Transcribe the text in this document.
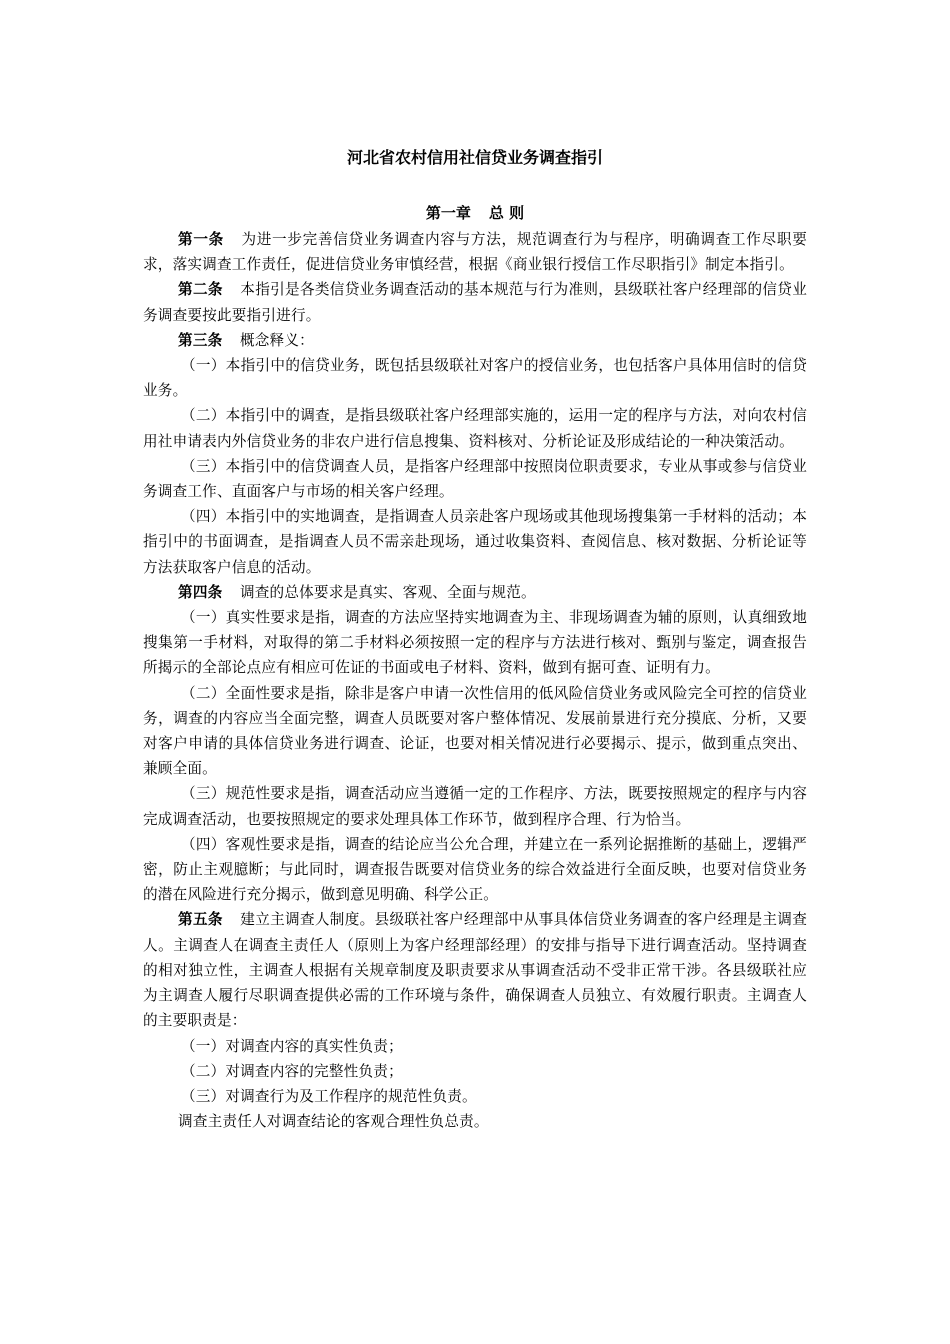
河北省农村信用社信贷业务调查指引
第一章 总 则

第一条 为进一步完善信贷业务调查内容与方法，规范调查行为与程序，明确调查工作尽职要求，落实调查工作责任，促进信贷业务审慎经营，根据《商业银行授信工作尽职指引》制定本指引。

第二条 本指引是各类信贷业务调查活动的基本规范与行为准则，县级联社客户经理部的信贷业务调查要按此要指引进行。

第三条 概念释义：

（一）本指引中的信贷业务，既包括县级联社对客户的授信业务，也包括客户具体用信时的信贷业务。

（二）本指引中的调查，是指县级联社客户经理部实施的，运用一定的程序与方法，对向农村信用社申请表内外信贷业务的非农户进行信息搜集、资料核对、分析论证及形成结论的一种决策活动。

（三）本指引中的信贷调查人员，是指客户经理部中按照岗位职责要求，专业从事或参与信贷业务调查工作、直面客户与市场的相关客户经理。

（四）本指引中的实地调查，是指调查人员亲赴客户现场或其他现场搜集第一手材料的活动；本指引中的书面调查，是指调查人员不需亲赴现场，通过收集资料、查阅信息、核对数据、分析论证等方法获取客户信息的活动。

第四条 调查的总体要求是真实、客观、全面与规范。

（一）真实性要求是指，调查的方法应坚持实地调查为主、非现场调查为辅的原则，认真细致地搜集第一手材料，对取得的第二手材料必须按照一定的程序与方法进行核对、甄别与鉴定，调查报告所揭示的全部论点应有相应可佐证的书面或电子材料、资料，做到有据可查、证明有力。

（二）全面性要求是指，除非是客户申请一次性信用的低风险信贷业务或风险完全可控的信贷业务，调查的内容应当全面完整，调查人员既要对客户整体情况、发展前景进行充分摸底、分析，又要对客户申请的具体信贷业务进行调查、论证，也要对相关情况进行必要揭示、提示，做到重点突出、兼顾全面。

（三）规范性要求是指，调查活动应当遵循一定的工作程序、方法，既要按照规定的程序与内容完成调查活动，也要按照规定的要求处理具体工作环节，做到程序合理、行为恰当。

（四）客观性要求是指，调查的结论应当公允合理，并建立在一系列论据推断的基础上，逻辑严密，防止主观臆断；与此同时，调查报告既要对信贷业务的综合效益进行全面反映，也要对信贷业务的潜在风险进行充分揭示，做到意见明确、科学公正。

第五条 建立主调查人制度。县级联社客户经理部中从事具体信贷业务调查的客户经理是主调查人。主调查人在调查主责任人（原则上为客户经理部经理）的安排与指导下进行调查活动。坚持调查的相对独立性，主调查人根据有关规章制度及职责要求从事调查活动不受非正常干涉。各县级联社应为主调查人履行尽职调查提供必需的工作环境与条件，确保调查人员独立、有效履行职责。主调查人的主要职责是：

（一）对调查内容的真实性负责；

（二）对调查内容的完整性负责；

（三）对调查行为及工作程序的规范性负责。

调查主责任人对调查结论的客观合理性负总责。
